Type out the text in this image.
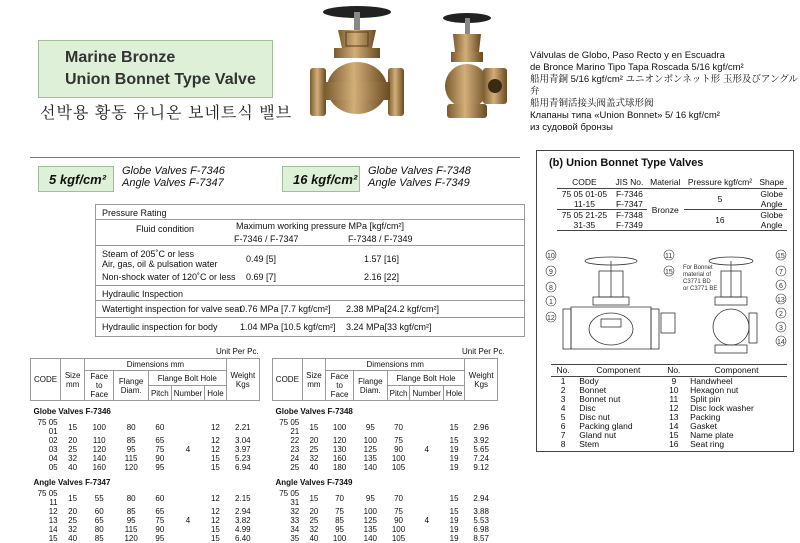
Marine Bronze
Union Bonnet Type Valve
선박용 황동 유니온 보네트식 밸브
Válvulas de Globo, Paso Recto y en Escuadra
de Bronce Marino Tipo Tapa Roscada 5/16 kgf/cm²
船用青銅 5/16 kgf/cm² ユニオンボンネット形 玉形及びアングル弁
船用青铜活接头阀盖式球形阀
Клапаны типа «Union Bonnet» 5/ 16 kgf/cm²
из судовой бронзы
5 kgf/cm²
Globe Valves F-7346
Angle Valves F-7347	16 kgf/cm²
Globe Valves F-7348
Angle Valves F-7349
Pressure Rating
Fluid condition	Maximum working pressure MPa [kgf/cm²]
F-7346 / F-7347	F-7348 / F-7349
Steam of 205˚C or less
Air, gas, oil & pulsation water	0.49 [5]	1.57 [16]
Non-shock water of 120˚C or less 0.69 [7]	2.16 [22]
Hydraulic Inspection
Watertight inspection for valve seat
0.76 MPa [7.7 kgf/cm²] 2.38 MPa[24.2 kgf/cm²]
Hydraulic inspection for body 1.04 MPa [10.5 kgf/cm²] 3.24 MPa[33 kgf/cm²]
Unit Per Pc.	Unit Per Pc.
CODE	Size mm	Dimensions mm					Weight Kgs
		Face to Face	Flange Diam.	Flange Bolt Hole			
				Pitch	Number	Hole	
Globe Valves F-7346							
75 05 01	15	100	80	60		12	2.21
02	20	110	85	65		12	3.04
03	25	120	95	75	4	12	3.97
04	32	140	115	90		15	5.23
05	40	160	120	95		15	6.94
Angle Valves F-7347							
75 05 11	15	55	80	60		12	2.15
12	20	60	85	65		12	2.94
13	25	65	95	75	4	12	3.82
14	32	80	115	90		15	4.99
15	40	85	120	95		15	6.40
CODE	Size mm	Dimensions mm					Weight Kgs
		Face to Face	Flange Diam.	Flange Bolt Hole			
				Pitch	Number	Hole	
Globe Valves F-7348							
75 05 21	15	100	95	70		15	2.96
22	20	120	100	75		15	3.92
23	25	130	125	90	4	19	5.65
24	32	160	135	100		19	7.24
25	40	180	140	105		19	9.12
Angle Valves F-7349							
75 05 31	15	70	95	70		15	2.94
32	20	75	100	75		15	3.88
33	25	85	125	90	4	19	5.53
34	32	95	135	100		19	6.98
35	40	100	140	105		19	8.57
(b) Union Bonnet Type Valves
CODE	JIS No.	Material	Pressure kgf/cm²	Shape
75 05 01-05	F-7346	Bronze	5	Globe
11-15	F-7347			Angle
75 05 21-25	F-7348		16	Globe
31-35	F-7349			Angle
10
9
8
1
12
11
15
15
7
6
13
2
3
14
For Bonnet
material of
C3771 BD
or C3771 BE
No.	Component	No.	Component
1	Body	9	Handwheel
2	Bonnet	10	Hexagon nut
3	Bonnet nut	11	Split pin
4	Disc	12	Disc lock washer
5	Disc nut	13	Packing
6	Packing gland	14	Gasket
7	Gland nut	15	Name plate
8	Stem	16	Seat ring
